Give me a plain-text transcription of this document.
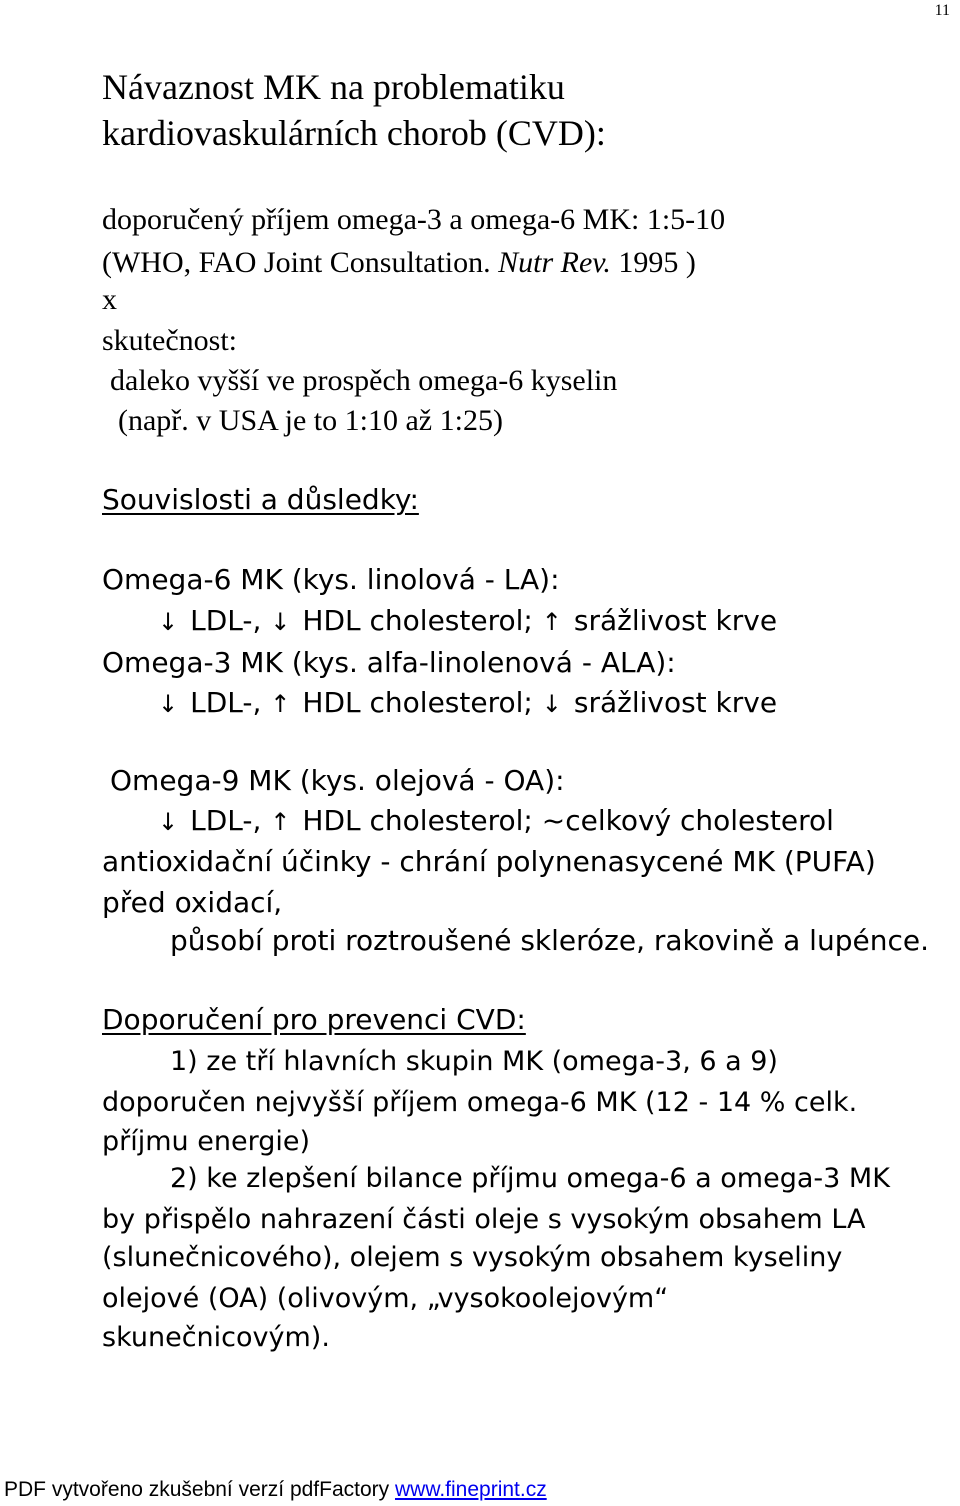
11
Návaznost MK na problematiku
kardiovaskulárních chorob (CVD):
doporučený příjem omega-3 a omega-6 MK: 1:5-10
(WHO, FAO Joint Consultation. Nutr Rev. 1995 )
x
skutečnost:
daleko vyšší ve prospěch omega-6 kyselin
(např. v USA je to 1:10 až 1:25)
Souvislosti a důsledky:
Omega-6 MK (kys. linolová - LA):
↓ LDL-, ↓ HDL cholesterol; ↑ srážlivost krve
Omega-3 MK (kys. alfa-linolenová - ALA):
↓ LDL-, ↑ HDL cholesterol; ↓ srážlivost krve
Omega-9 MK (kys. olejová - OA):
↓ LDL-, ↑ HDL cholesterol; ~celkový cholesterol
antioxidační účinky - chrání polynenasycené MK (PUFA)
před oxidací,
působí proti roztroušené skleróze, rakovině a lupénce.
Doporučení pro prevenci CVD:
1) ze tří hlavních skupin MK (omega-3, 6 a 9)
doporučen nejvyšší příjem omega-6 MK (12 - 14 % celk.
příjmu energie)
2) ke zlepšení bilance příjmu omega-6 a omega-3 MK
by přispělo nahrazení části oleje s vysokým obsahem LA
(slunečnicového), olejem s vysokým obsahem kyseliny
olejové (OA) (olivovým, „vysokoolejovým“
skunečnicovým).
PDF vytvořeno zkušební verzí pdfFactory www.fineprint.cz
